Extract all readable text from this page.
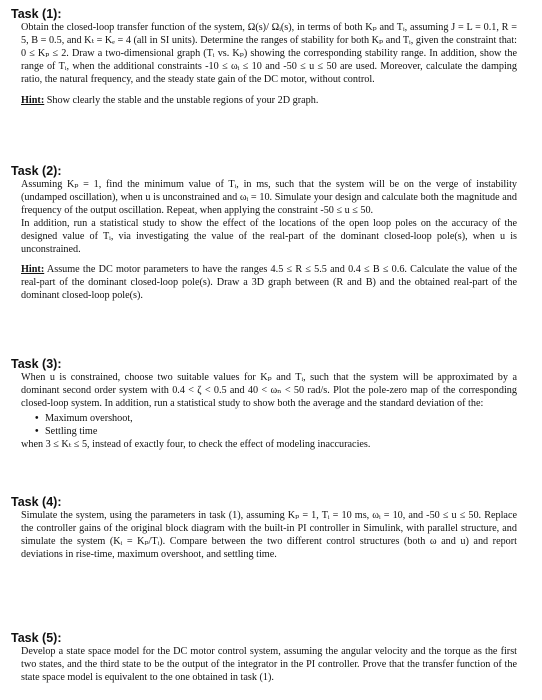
Task (1):

Obtain the closed-loop transfer function of the system, Ω(s)/ Ωᵢ(s), in terms of both Kₚ and Tᵢ, assuming J = L = 0.1, R = 5, B = 0.5, and Kₜ = Kₑ = 4 (all in SI units). Determine the ranges of stability for both Kₚ and Tᵢ, given the constraint that: 0 ≤ Kₚ ≤ 2. Draw a two-dimensional graph (Tᵢ vs. Kₚ) showing the corresponding stability range. In addition, show the range of Tᵢ, when the additional constraints -10 ≤ ωᵢ ≤ 10 and -50 ≤ u ≤ 50 are used. Moreover, calculate the damping ratio, the natural frequency, and the steady state gain of the DC motor, without control.

Hint: Show clearly the stable and the unstable regions of your 2D graph.

Task (2):

Assuming Kₚ = 1, find the minimum value of Tᵢ, in ms, such that the system will be on the verge of instability (undamped oscillation), when u is unconstrained and ωᵢ = 10. Simulate your design and calculate both the magnitude and frequency of the output oscillation. Repeat, when applying the constraint -50 ≤ u ≤ 50.

In addition, run a statistical study to show the effect of the locations of the open loop poles on the accuracy of the designed value of Tᵢ, via investigating the value of the real-part of the dominant closed-loop pole(s), when u is unconstrained.

Hint: Assume the DC motor parameters to have the ranges 4.5 ≤ R ≤ 5.5 and 0.4 ≤ B ≤ 0.6. Calculate the value of the real-part of the dominant closed-loop pole(s). Draw a 3D graph between (R and B) and the obtained real-part of the dominant closed-loop pole(s).

Task (3):

When u is constrained, choose two suitable values for Kₚ and Tᵢ, such that the system will be approximated by a dominant second order system with 0.4 < ζ < 0.5 and 40 < ωₙ < 50 rad/s. Plot the pole-zero map of the corresponding closed-loop system. In addition, run a statistical study to show both the average and the standard deviation of the:

• Maximum overshoot,
• Settling time

when 3 ≤ Kₜ ≤ 5, instead of exactly four, to check the effect of modeling inaccuracies.

Task (4):

Simulate the system, using the parameters in task (1), assuming Kₚ = 1, Tᵢ = 10 ms, ωᵢ = 10, and -50 ≤ u ≤ 50. Replace the controller gains of the original block diagram with the built-in PI controller in Simulink, with parallel structure, and simulate the system (Kᵢ = Kₚ/Tᵢ). Compare between the two different control structures (both ω and u) and report deviations in rise-time, maximum overshoot, and settling time.

Task (5):

Develop a state space model for the DC motor control system, assuming the angular velocity and the torque as the first two states, and the third state to be the output of the integrator in the PI controller. Prove that the transfer function of the state space model is equivalent to the one obtained in task (1).
